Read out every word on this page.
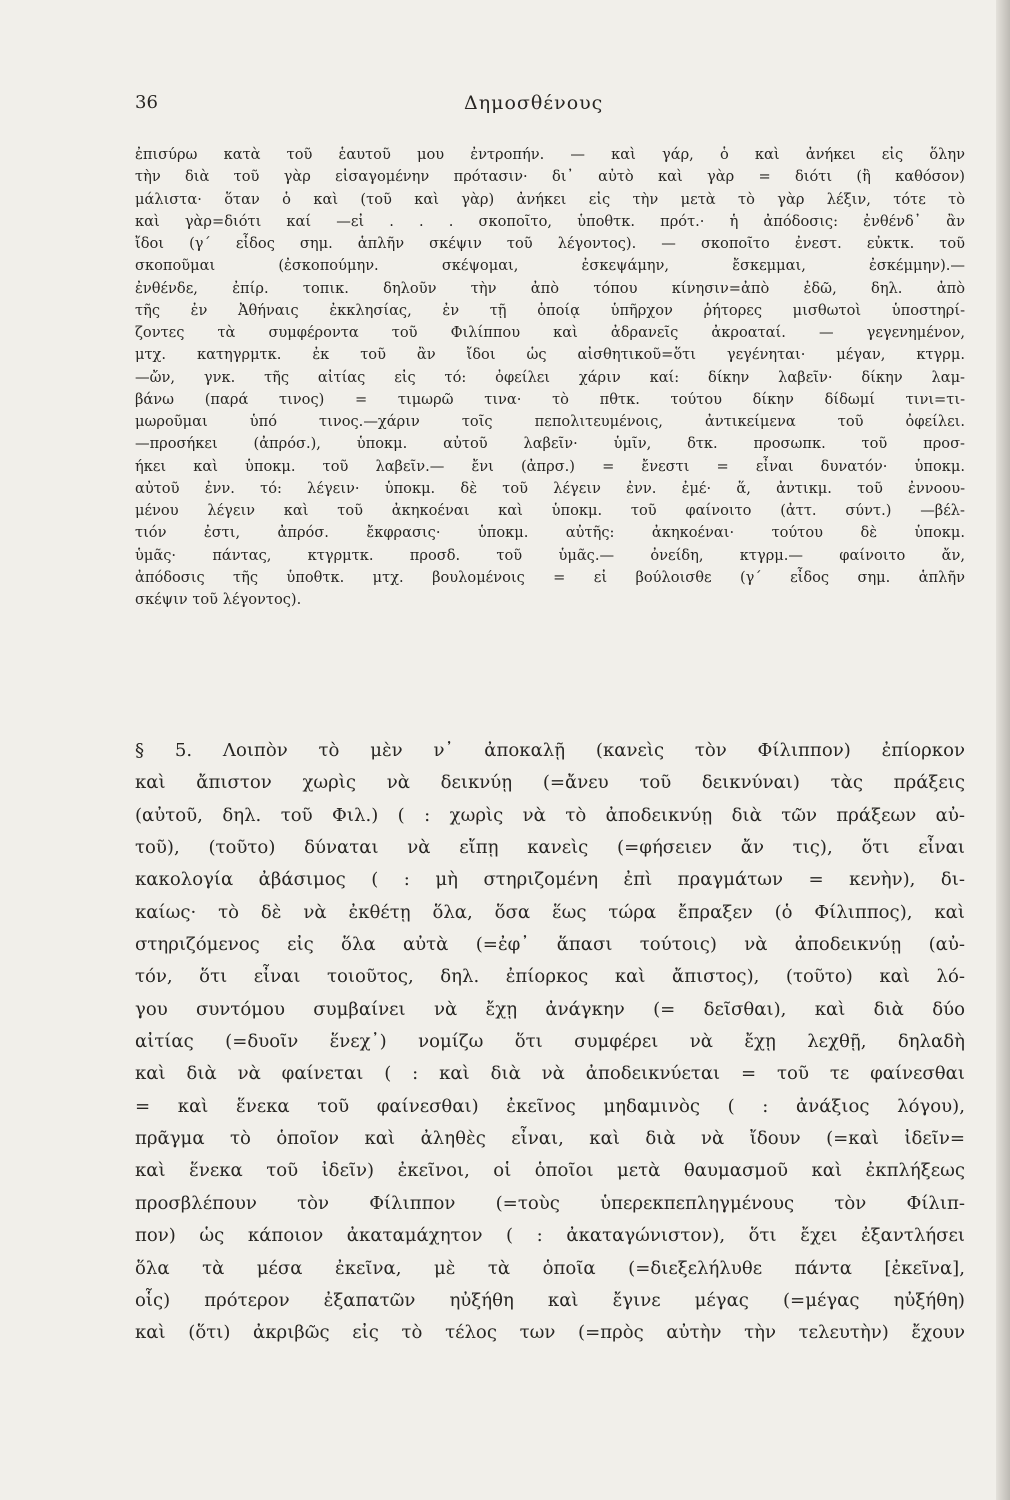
36	Δημοσθένους
ἐπισύρω κατὰ τοῦ ἑαυτοῦ μου ἐντροπήν. — καὶ γάρ, ὁ καὶ ἀνήκει εἰς ὅλην
τὴν διὰ τοῦ γὰρ εἰσαγομένην πρότασιν· δι᾽ αὐτὸ καὶ γὰρ = διότι (ἢ καθόσον)
μάλιστα· ὅταν ὁ καὶ (τοῦ καὶ γὰρ) ἀνήκει εἰς τὴν μετὰ τὸ γὰρ λέξιν, τότε τὸ
καὶ γὰρ=διότι καί —εἰ . . . σκοποῖτο, ὑποθτκ. πρότ.· ἡ ἀπόδοσις: ἐνθένδ᾽ ἂν
ἴδοι (γ΄ εἶδος σημ. ἁπλῆν σκέψιν τοῦ λέγοντος). — σκοποῖτο ἐνεστ. εὐκτκ. τοῦ
σκοποῦμαι (ἐσκοπούμην. σκέψομαι, ἐσκεψάμην, ἔσκεμμαι, ἐσκέμμην).—
ἐνθένδε, ἐπίρ. τοπικ. δηλοῦν τὴν ἀπὸ τόπου κίνησιν=ἀπὸ ἐδῶ, δηλ. ἀπὸ
τῆς ἐν Ἀθήναις ἐκκλησίας, ἐν τῇ ὁποίᾳ ὑπῆρχον ῥήτορες μισθωτοὶ ὑποστηρί-
ζοντες τὰ συμφέροντα τοῦ Φιλίππου καὶ ἀδρανεῖς ἀκροαταί. — γεγενημένον,
μτχ. κατηγρμτκ. ἐκ τοῦ ἂν ἴδοι ὡς αἰσθητικοῦ=ὅτι γεγένηται· μέγαν, κτγρμ.
—ὤν, γνκ. τῆς αἰτίας εἰς τό: ὀφείλει χάριν καί: δίκην λαβεῖν· δίκην λαμ-
βάνω (παρά τινος) = τιμωρῶ τινα· τὸ πθτκ. τούτου δίκην δίδωμί τινι=τι-
μωροῦμαι ὑπό τινος.—χάριν τοῖς πεπολιτευμένοις, ἀντικείμενα τοῦ ὀφείλει.
—προσήκει (ἀπρόσ.), ὑποκμ. αὐτοῦ λαβεῖν· ὑμῖν, δτκ. προσωπκ. τοῦ προσ-
ήκει καὶ ὑποκμ. τοῦ λαβεῖν.— ἔνι (ἀπρσ.) = ἔνεστι = εἶναι δυνατόν· ὑποκμ.
αὐτοῦ ἐνν. τό: λέγειν· ὑποκμ. δὲ τοῦ λέγειν ἐνν. ἐμέ· ἅ, ἀντικμ. τοῦ ἐννοου-
μένου λέγειν καὶ τοῦ ἀκηκοέναι καὶ ὑποκμ. τοῦ φαίνοιτο (ἀττ. σύντ.) —βέλ-
τιόν ἐστι, ἀπρόσ. ἔκφρασις· ὑποκμ. αὐτῆς: ἀκηκοέναι· τούτου δὲ ὑποκμ.
ὑμᾶς· πάντας, κτγρμτκ. προσδ. τοῦ ὑμᾶς.— ὀνείδη, κτγρμ.— φαίνοιτο ἄν,
ἀπόδοσις τῆς ὑποθτκ. μτχ. βουλομένοις = εἰ βούλοισθε (γ΄ εἶδος σημ. ἁπλῆν
σκέψιν τοῦ λέγοντος).
§ 5. Λοιπὸν τὸ μὲν ν᾽ ἀποκαλῇ (κανεὶς τὸν Φίλιππον) ἐπίορκον
καὶ ἄπιστον χωρὶς νὰ δεικνύῃ (=ἄνευ τοῦ δεικνύναι) τὰς πράξεις
(αὐτοῦ, δηλ. τοῦ Φιλ.) ( : χωρὶς νὰ τὸ ἀποδεικνύῃ διὰ τῶν πράξεων αὐ-
τοῦ), (τοῦτο) δύναται νὰ εἴπῃ κανεὶς (=φήσειεν ἄν τις), ὅτι εἶναι
κακολογία ἀβάσιμος ( : μὴ στηριζομένη ἐπὶ πραγμάτων = κενὴν), δι-
καίως· τὸ δὲ νὰ ἐκθέτῃ ὅλα, ὅσα ἕως τώρα ἔπραξεν (ὁ Φίλιππος), καὶ
στηριζόμενος εἰς ὅλα αὐτὰ (=ἐφ᾽ ἅπασι τούτοις) νὰ ἀποδεικνύῃ (αὐ-
τόν, ὅτι εἶναι τοιοῦτος, δηλ. ἐπίορκος καὶ ἄπιστος), (τοῦτο) καὶ λό-
γου συντόμου συμβαίνει νὰ ἔχῃ ἀνάγκην (= δεῖσθαι), καὶ διὰ δύο
αἰτίας (=δυοῖν ἕνεχ᾽) νομίζω ὅτι συμφέρει νὰ ἔχῃ λεχθῇ, δηλαδὴ
καὶ διὰ νὰ φαίνεται ( : καὶ διὰ νὰ ἀποδεικνύεται = τοῦ τε φαίνεσθαι
= καὶ ἕνεκα τοῦ φαίνεσθαι) ἐκεῖνος μηδαμινὸς ( : ἀνάξιος λόγου),
πρᾶγμα τὸ ὁποῖον καὶ ἀληθὲς εἶναι, καὶ διὰ νὰ ἴδουν (=καὶ ἰδεῖν=
καὶ ἕνεκα τοῦ ἰδεῖν) ἐκεῖνοι, οἱ ὁποῖοι μετὰ θαυμασμοῦ καὶ ἐκπλήξεως
προσβλέπουν τὸν Φίλιππον (=τοὺς ὑπερεκπεπληγμένους τὸν Φίλιπ-
πον) ὡς κάποιον ἀκαταμάχητον ( : ἀκαταγώνιστον), ὅτι ἔχει ἐξαντλήσει
ὅλα τὰ μέσα ἐκεῖνα, μὲ τὰ ὁποῖα (=διεξελήλυθε πάντα [ἐκεῖνα],
οἷς) πρότερον ἐξαπατῶν ηὐξήθη καὶ ἔγινε μέγας (=μέγας ηὐξήθη)
καὶ (ὅτι) ἀκριβῶς εἰς τὸ τέλος των (=πρὸς αὐτὴν τὴν τελευτὴν) ἔχουν
